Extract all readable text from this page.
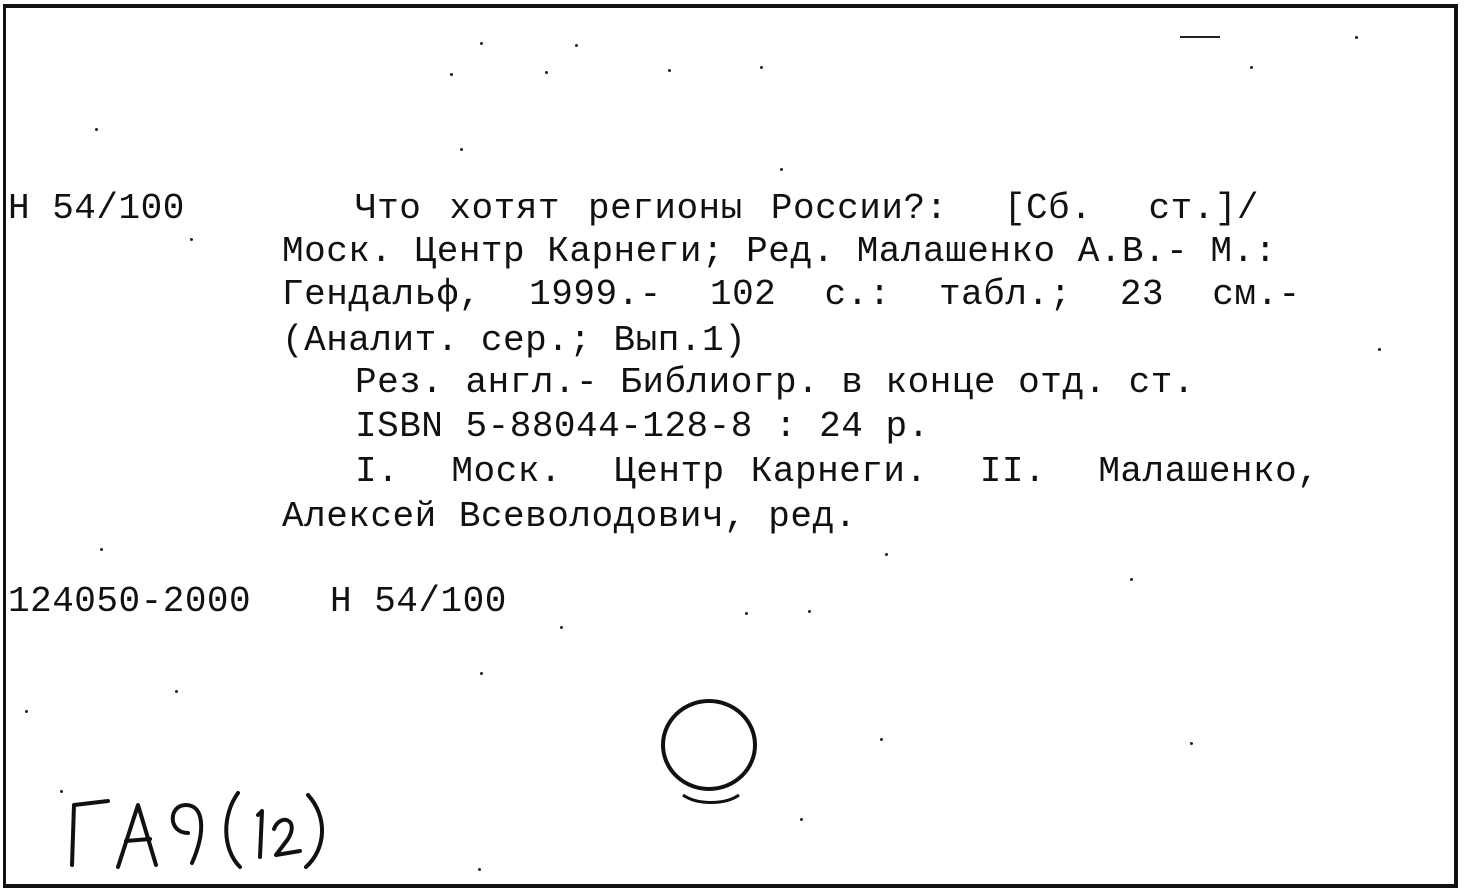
Н 54/100	Что хотят регионы России?:  [Сб.  ст.]/
Моск. Центр Карнеги; Ред. Малашенко А.В.- М.:
Гендальф,  1999.-  102  с.:  табл.;  23  см.-
(Аналит. сер.; Вып.1)
Рез. англ.- Библиогр. в конце отд. ст.
ISBN 5-88044-128-8 : 24 р.
I.  Моск.  Центр Карнеги.  II.  Малашенко,
Алексей Всеволодович, ред.
124050-2000 Н 54/100
